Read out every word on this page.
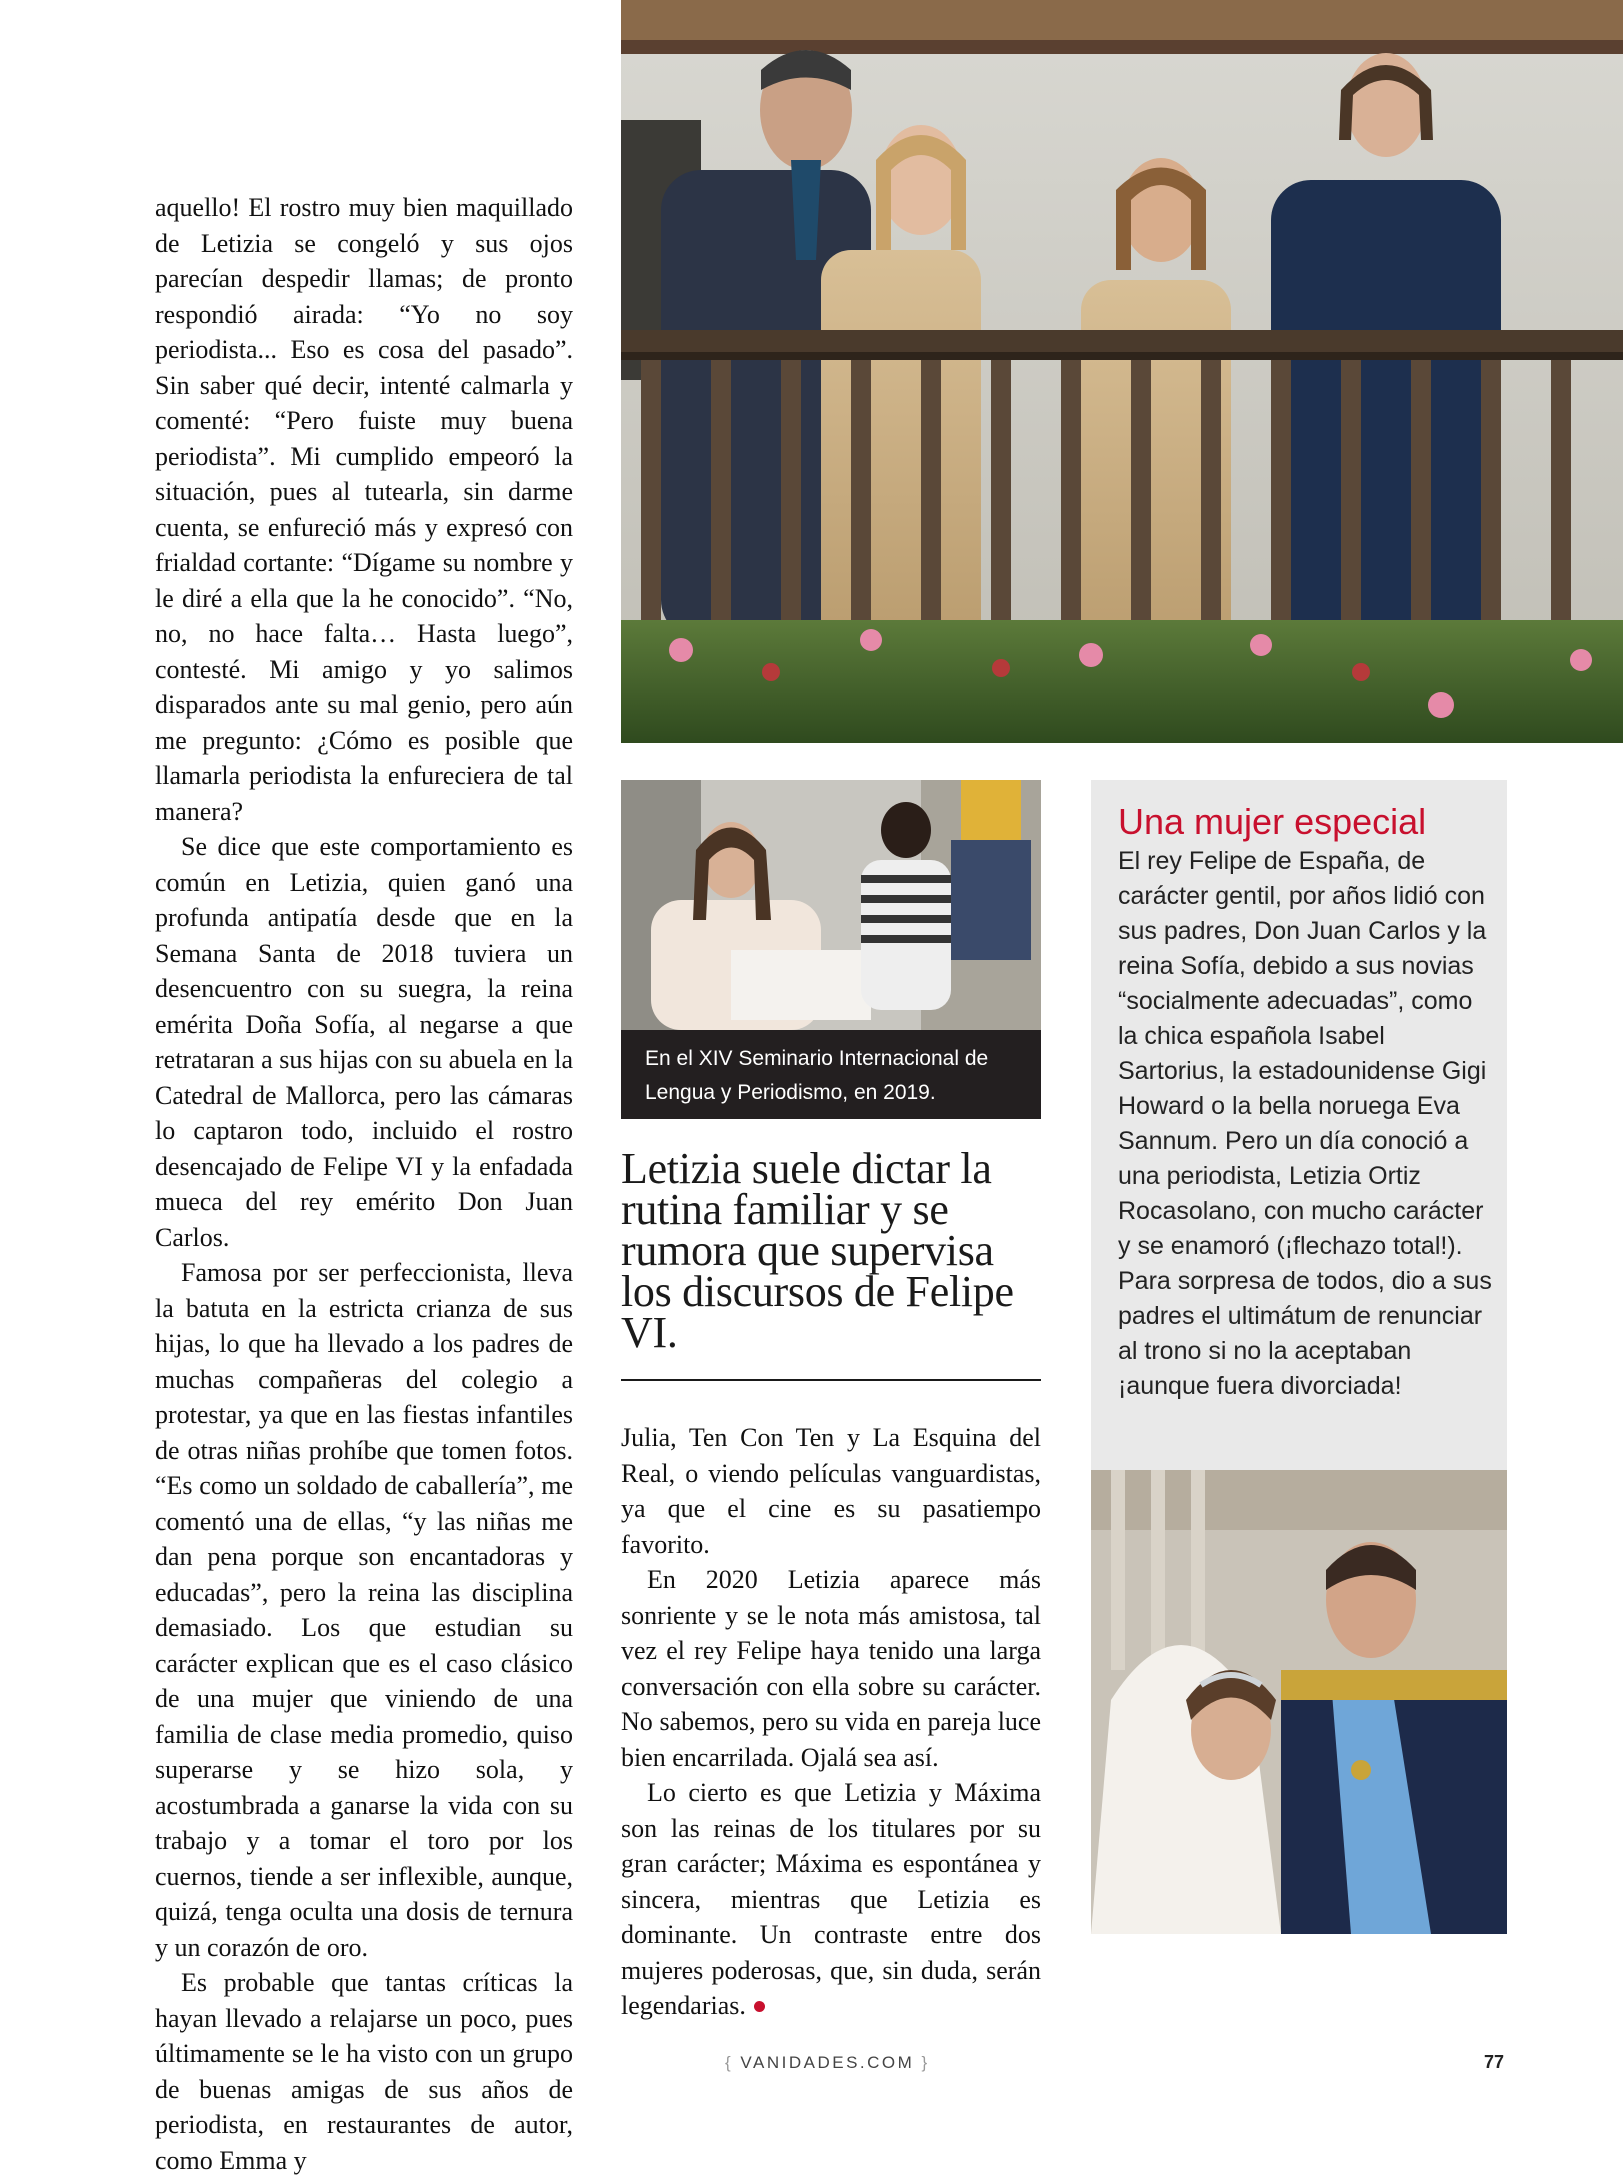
aquello! El rostro muy bien maquillado de Letizia se congeló y sus ojos parecían despedir llamas; de pronto respondió airada: “Yo no soy periodista... Eso es cosa del pasado”. Sin saber qué decir, intenté calmarla y comenté: “Pero fuiste muy buena periodista”. Mi cumplido empeoró la situación, pues al tutearla, sin darme cuenta, se enfureció más y expresó con frialdad cortante: “Dígame su nombre y le diré a ella que la he conocido”. “No, no, no hace falta… Hasta luego”, contesté. Mi amigo y yo salimos disparados ante su mal genio, pero aún me pregunto: ¿Cómo es posible que llamarla periodista la enfureciera de tal manera?

Se dice que este comportamiento es común en Letizia, quien ganó una profunda antipatía desde que en la Semana Santa de 2018 tuviera un desencuentro con su suegra, la reina emérita Doña Sofía, al negarse a que retrataran a sus hijas con su abuela en la Catedral de Mallorca, pero las cámaras lo captaron todo, incluido el rostro desencajado de Felipe VI y la enfadada mueca del rey emérito Don Juan Carlos.

Famosa por ser perfeccionista, lleva la batuta en la estricta crianza de sus hijas, lo que ha llevado a los padres de muchas compañeras del colegio a protestar, ya que en las fiestas infantiles de otras niñas prohíbe que tomen fotos. “Es como un soldado de caballería”, me comentó una de ellas, “y las niñas me dan pena porque son encantadoras y educadas”, pero la reina las disciplina demasiado. Los que estudian su carácter explican que es el caso clásico de una mujer que viniendo de una familia de clase media promedio, quiso superarse y se hizo sola, y acostumbrada a ganarse la vida con su trabajo y a tomar el toro por los cuernos, tiende a ser inflexible, aunque, quizá, tenga oculta una dosis de ternura y un corazón de oro.

Es probable que tantas críticas la hayan llevado a relajarse un poco, pues últimamente se le ha visto con un grupo de buenas amigas de sus años de periodista, en restaurantes de autor, como Emma y

En el XIV Seminario Internacional de Lengua y Periodismo, en 2019.
Letizia suele dictar la rutina familiar y se rumora que supervisa los discursos de Felipe VI.

Julia, Ten Con Ten y La Esquina del Real, o viendo películas vanguardistas, ya que el cine es su pasatiempo favorito.

En 2020 Letizia aparece más sonriente y se le nota más amistosa, tal vez el rey Felipe haya tenido una larga conversación con ella sobre su carácter. No sabemos, pero su vida en pareja luce bien encarrilada. Ojalá sea así.

Lo cierto es que Letizia y Máxima son las reinas de los titulares por su gran carácter; Máxima es espontánea y sincera, mientras que Letizia es dominante. Un contraste entre dos mujeres poderosas, que, sin duda, serán legendarias.

Una mujer especial

El rey Felipe de España, de carácter gentil, por años lidió con sus padres, Don Juan Carlos y la reina Sofía, debido a sus novias “socialmente adecuadas”, como la chica española Isabel Sartorius, la estadounidense Gigi Howard o la bella noruega Eva Sannum. Pero un día conoció a una periodista, Letizia Ortiz Rocasolano, con mucho carácter y se enamoró (¡flechazo total!). Para sorpresa de todos, dio a sus padres el ultimátum de renunciar al trono si no la aceptaban ¡aunque fuera divorciada!

{ VANIDADES.COM }	77
